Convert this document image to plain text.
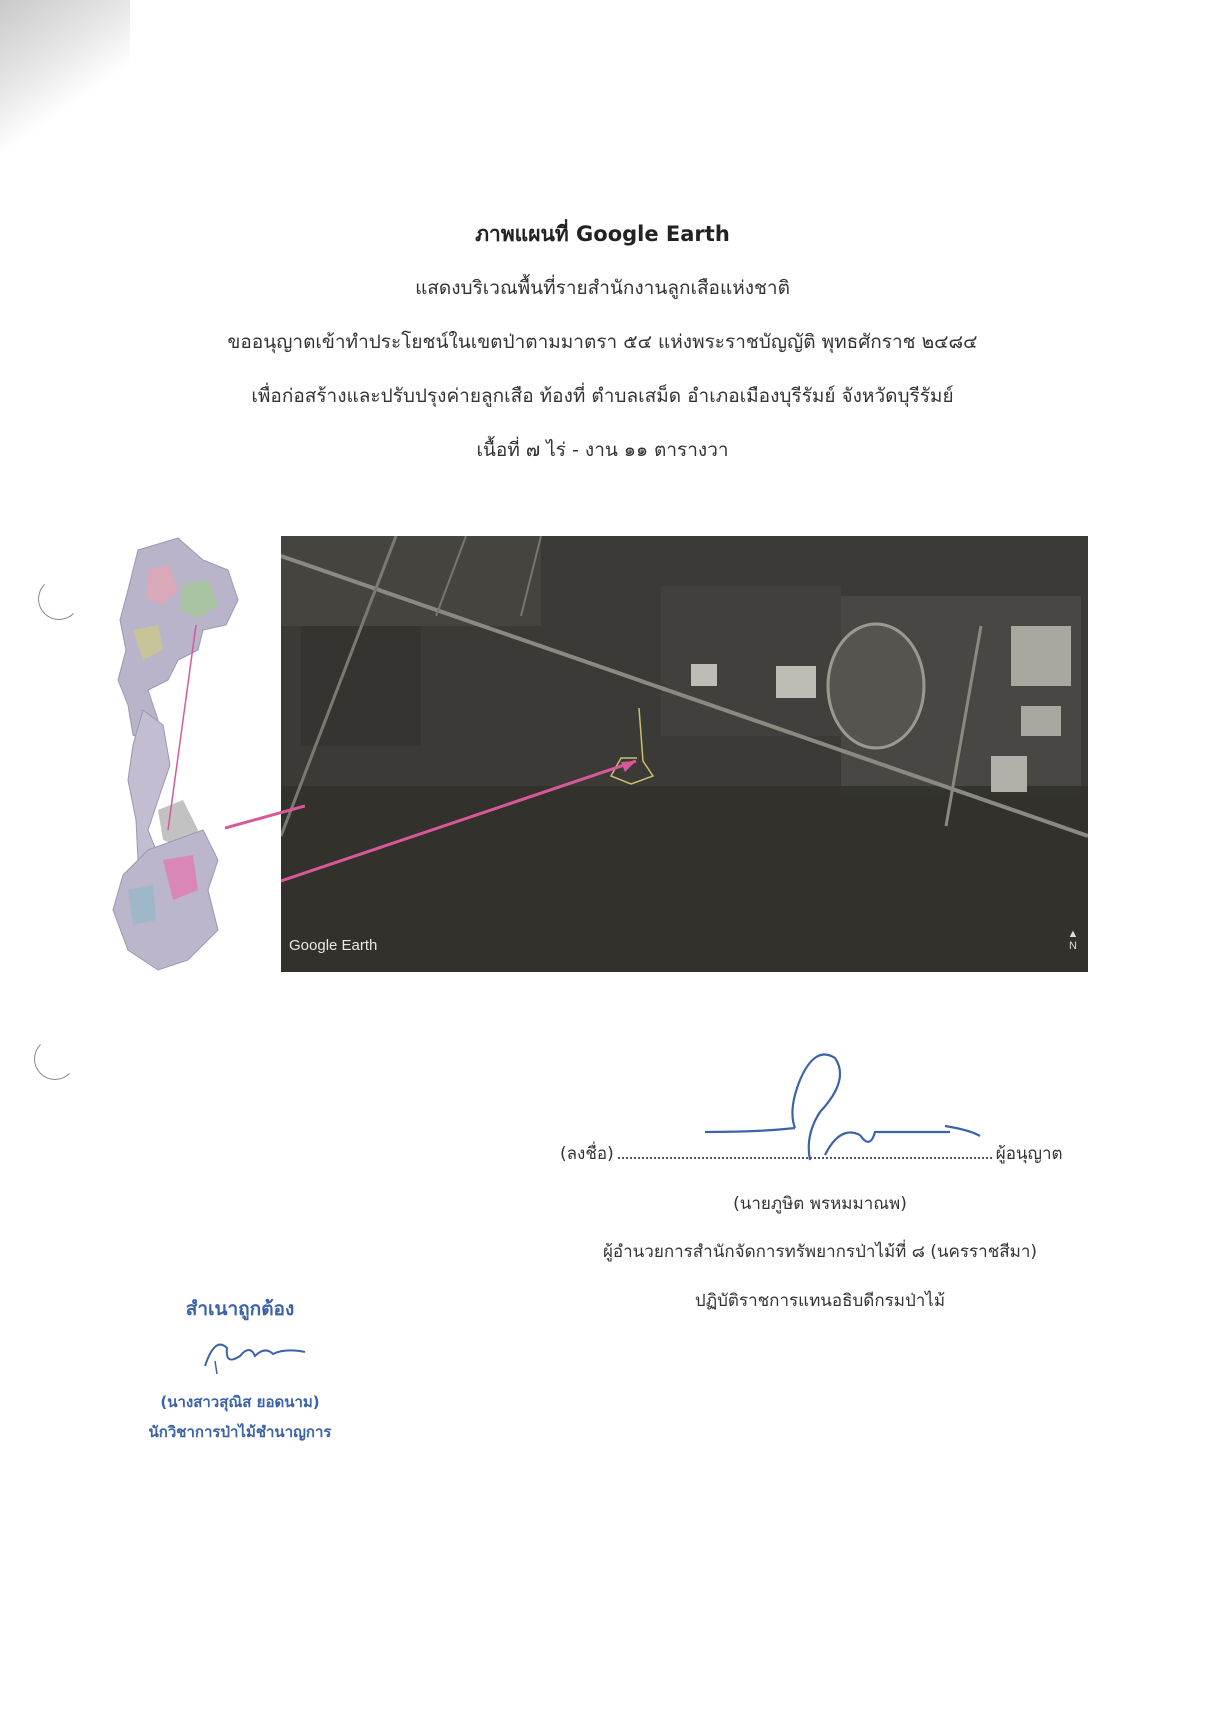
ภาพแผนที่ Google Earth
แสดงบริเวณพื้นที่รายสำนักงานลูกเสือแห่งชาติ
ขออนุญาตเข้าทำประโยชน์ในเขตป่าตามมาตรา ๕๔ แห่งพระราชบัญญัติ พุทธศักราช ๒๔๘๔
เพื่อก่อสร้างและปรับปรุงค่ายลูกเสือ ท้องที่ ตำบลเสม็ด อำเภอเมืองบุรีรัมย์ จังหวัดบุรีรัมย์
เนื้อที่ ๗ ไร่ - งาน ๑๑ ตารางวา
Google Earth
▲
N
(ลงชื่อ)	ผู้อนุญาต
(นายภูษิต พรหมมาณพ)
ผู้อำนวยการสำนักจัดการทรัพยากรป่าไม้ที่ ๘ (นครราชสีมา)
ปฏิบัติราชการแทนอธิบดีกรมป่าไม้
สำเนาถูกต้อง
(นางสาวสุณิส ยอดนาม)
นักวิชาการป่าไม้ชำนาญการ
